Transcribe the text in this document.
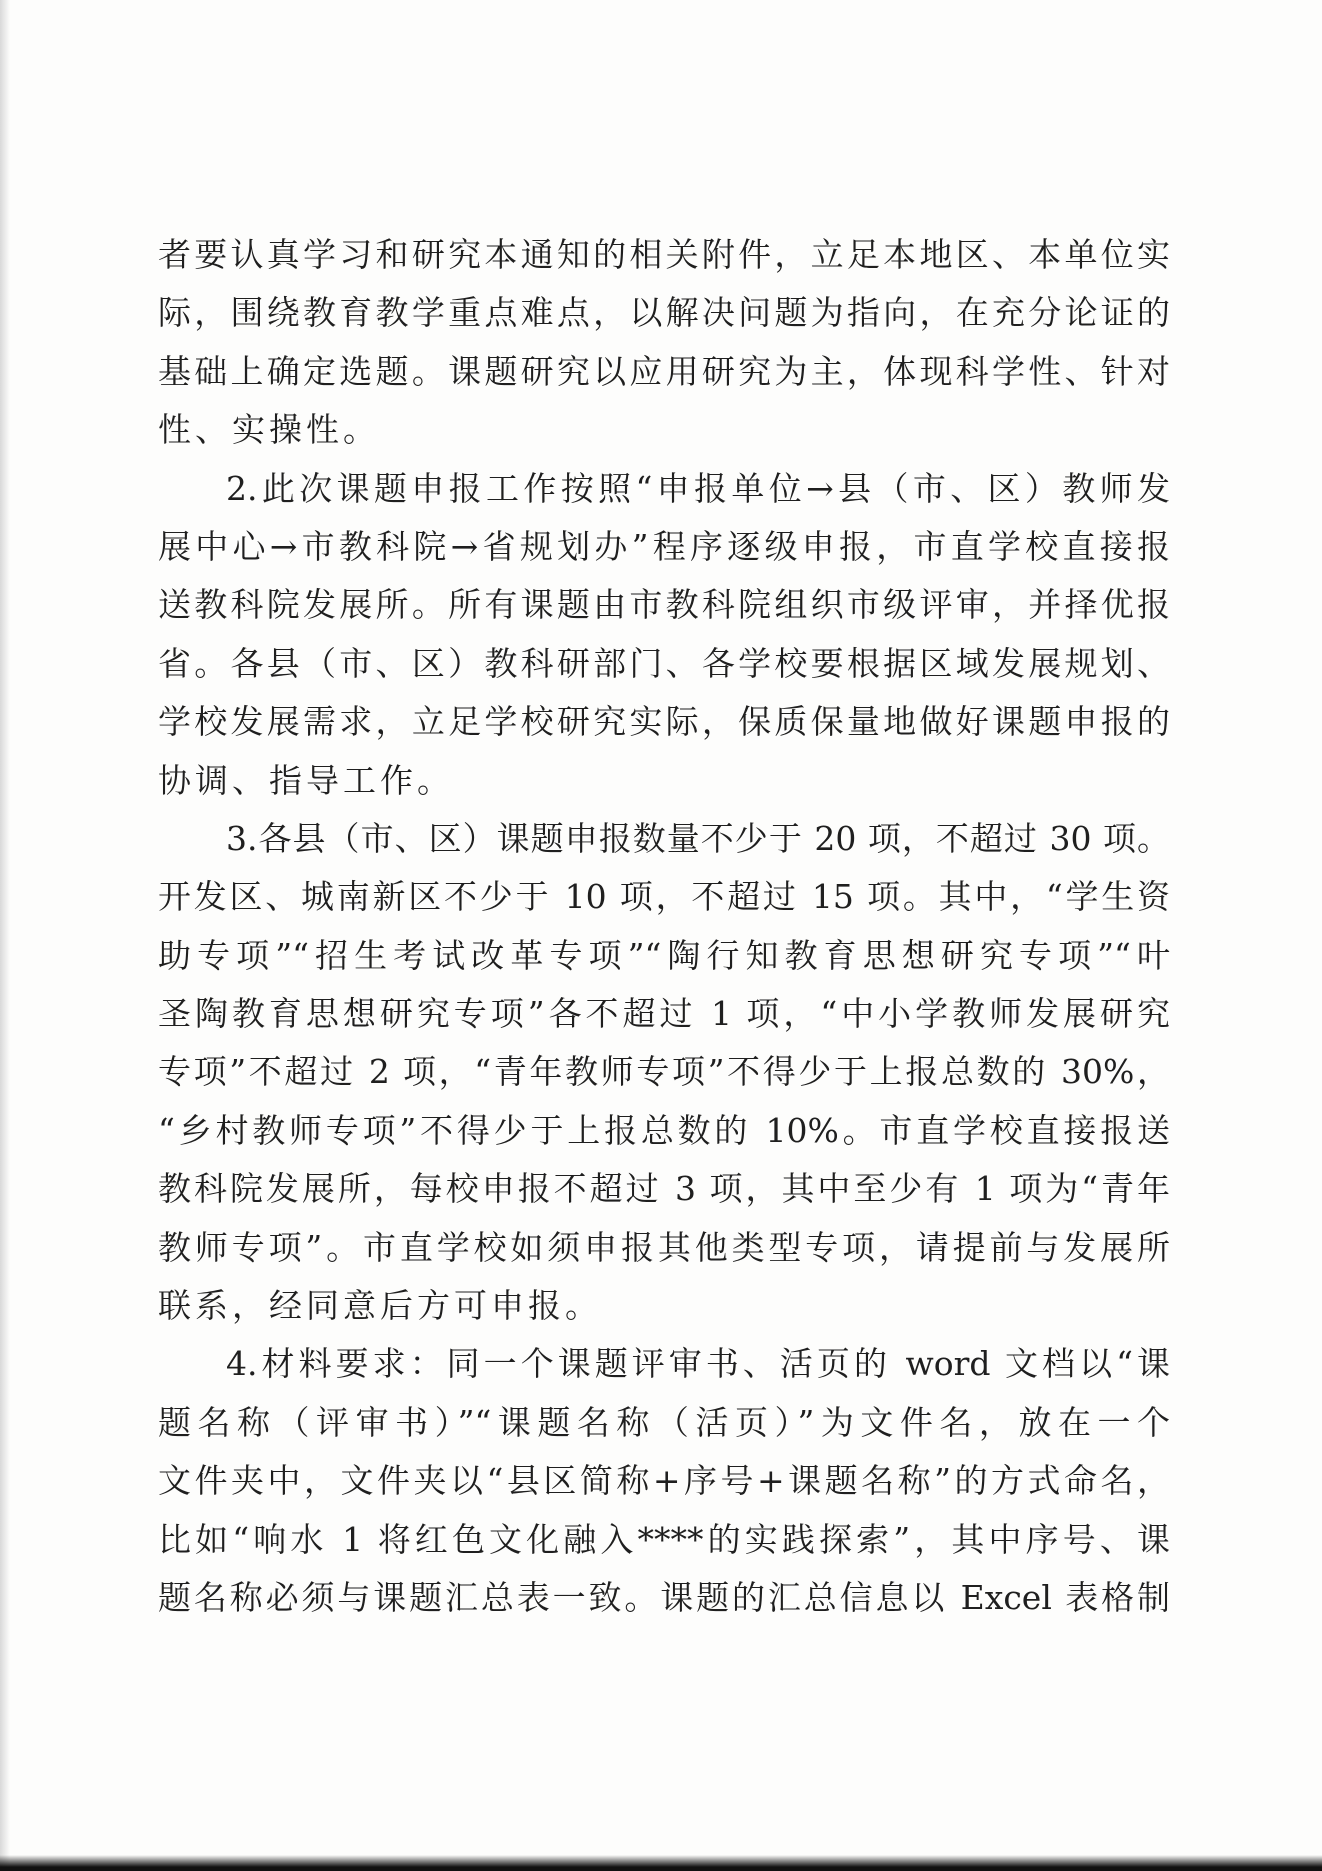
者要认真学习和研究本通知的相关附件，立足本地区、本单位实
际，围绕教育教学重点难点，以解决问题为指向，在充分论证的
基础上确定选题。课题研究以应用研究为主，体现科学性、针对
性、实操性。
2.此次课题申报工作按照“申报单位→县（市、区）教师发
展中心→市教科院→省规划办”程序逐级申报，市直学校直接报
送教科院发展所。所有课题由市教科院组织市级评审，并择优报
省。各县（市、区）教科研部门、各学校要根据区域发展规划、
学校发展需求，立足学校研究实际，保质保量地做好课题申报的
协调、指导工作。
3.各县（市、区）课题申报数量不少于 20 项，不超过 30 项。
开发区、城南新区不少于 10 项，不超过 15 项。其中，“学生资
助专项”“招生考试改革专项”“陶行知教育思想研究专项”“叶
圣陶教育思想研究专项”各不超过 1 项，“中小学教师发展研究
专项”不超过 2 项，“青年教师专项”不得少于上报总数的 30%，
“乡村教师专项”不得少于上报总数的 10%。市直学校直接报送
教科院发展所，每校申报不超过 3 项，其中至少有 1 项为“青年
教师专项”。市直学校如须申报其他类型专项，请提前与发展所
联系，经同意后方可申报。
4.材料要求：同一个课题评审书、活页的 word 文档以“课
题名称（评审书）”“课题名称（活页）”为文件名，放在一个
文件夹中，文件夹以“县区简称+序号+课题名称”的方式命名，
比如“响水 1 将红色文化融入****的实践探索”，其中序号、课
题名称必须与课题汇总表一致。课题的汇总信息以 Excel 表格制
